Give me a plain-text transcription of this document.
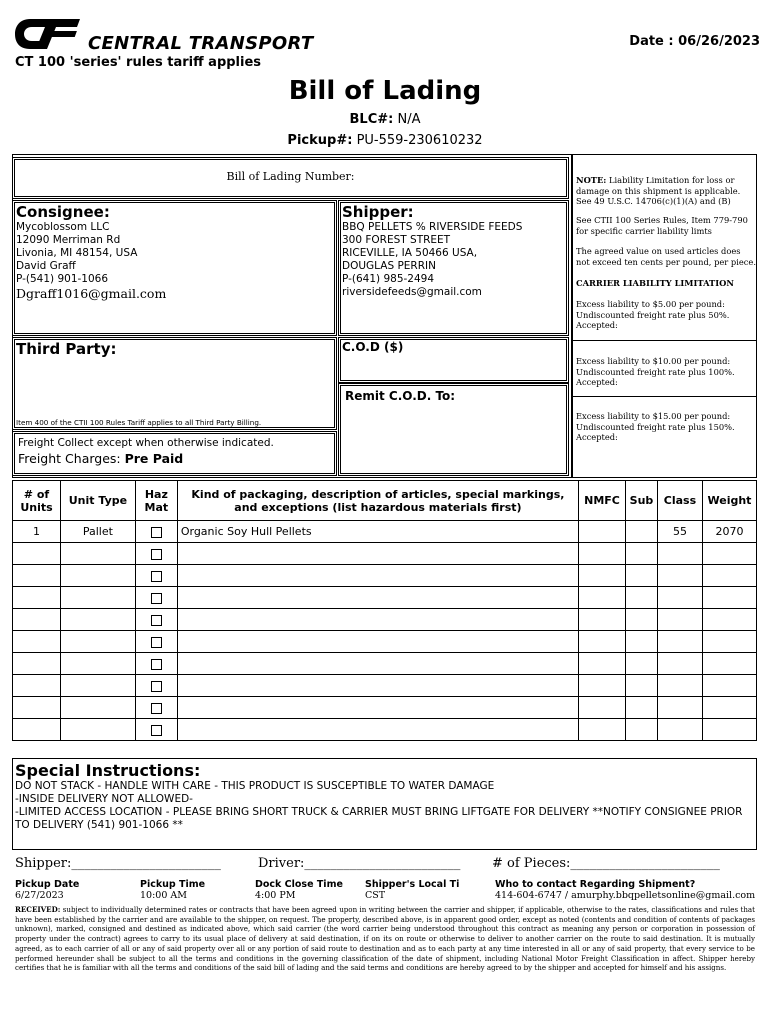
CENTRAL TRANSPORT
CT 100 'series' rules tariff applies
Date : 06/26/2023
Bill of Lading
BLC#: N/A
Pickup#: PU-559-230610232
Bill of Lading Number:
Consignee:
Mycoblossom LLC
12090 Merriman Rd
Livonia, MI 48154, USA
David Graff
P-(541) 901-1066
Dgraff1016@gmail.com
Shipper:
BBQ PELLETS % RIVERSIDE FEEDS
300 FOREST STREET
RICEVILLE, IA 50466 USA,
DOUGLAS PERRIN
P-(641) 985-2494
riversidefeeds@gmail.com
Third Party:
Item 400 of the CTII 100 Rules Tariff applies to all Third Party Billing.
C.O.D ($)
Remit C.O.D. To:
Freight Collect except when otherwise indicated.
Freight Charges: Pre Paid
NOTE: Liability Limitation for loss or damage on this shipment is applicable. See 49 U.S.C. 14706(c)(1)(A) and (B)
See CTII 100 Series Rules, Item 779-790 for specific carrier liability limts
The agreed value on used articles does not exceed ten cents per pound, per piece.
CARRIER LIABILITY LIMITATION
Excess liability to $5.00 per pound: Undiscounted freight rate plus 50%. Accepted:
Excess liability to $10.00 per pound: Undiscounted freight rate plus 100%. Accepted:
Excess liability to $15.00 per pound: Undiscounted freight rate plus 150%. Accepted:
# of Units	Unit Type	Haz Mat	Kind of packaging, description of articles, special markings, and exceptions (list hazardous materials first)	NMFC	Sub	Class	Weight
1	Pallet		Organic Soy Hull Pellets			55	2070

Special Instructions:
DO NOT STACK - HANDLE WITH CARE - THIS PRODUCT IS SUSCEPTIBLE TO WATER DAMAGE
-INSIDE DELIVERY NOT ALLOWED-
-LIMITED ACCESS LOCATION - PLEASE BRING SHORT TRUCK & CARRIER MUST BRING LIFTGATE FOR DELIVERY **NOTIFY CONSIGNEE PRIOR
TO DELIVERY (541) 901-1066 **
Shipper:_______________________	Driver:________________________ # of Pieces:_______________________
Pickup Date
6/27/2023
Pickup Time
10:00 AM
Dock Close Time
4:00 PM
Shipper's Local Ti
CST
Who to contact Regarding Shipment?
414-604-6747 / amurphy.bbqpelletsonline@gmail.com
RECEIVED: subject to individually determined rates or contracts that have been agreed upon in writing between the carrier and shipper, if applicable, otherwise to the rates, classifications and rules that have been established by the carrier and are available to the shipper, on request. The property, described above, is in apparent good order, except as noted (contents and condition of contents of packages unknown), marked, consigned and destined as indicated above, which said carrier (the word carrier being understood throughout this contract as meaning any person or corporation in possession of property under the contract) agrees to carry to its usual place of delivery at said destination, if on its on route or otherwise to deliver to another carrier on the route to said destination. It is mutually agreed, as to each carrier of all or any of said property over all or any portion of said route to destination and as to each party at any time interested in all or any of said property, that every service to be performed hereunder shall be subject to all the terms and conditions in the governing classification of the date of shipment, including National Motor Freight Classification in affect. Shipper hereby certifies that he is familiar with all the terms and conditions of the said bill of lading and the said terms and conditions are hereby agreed to by the shipper and accepted for himself and his assigns.
